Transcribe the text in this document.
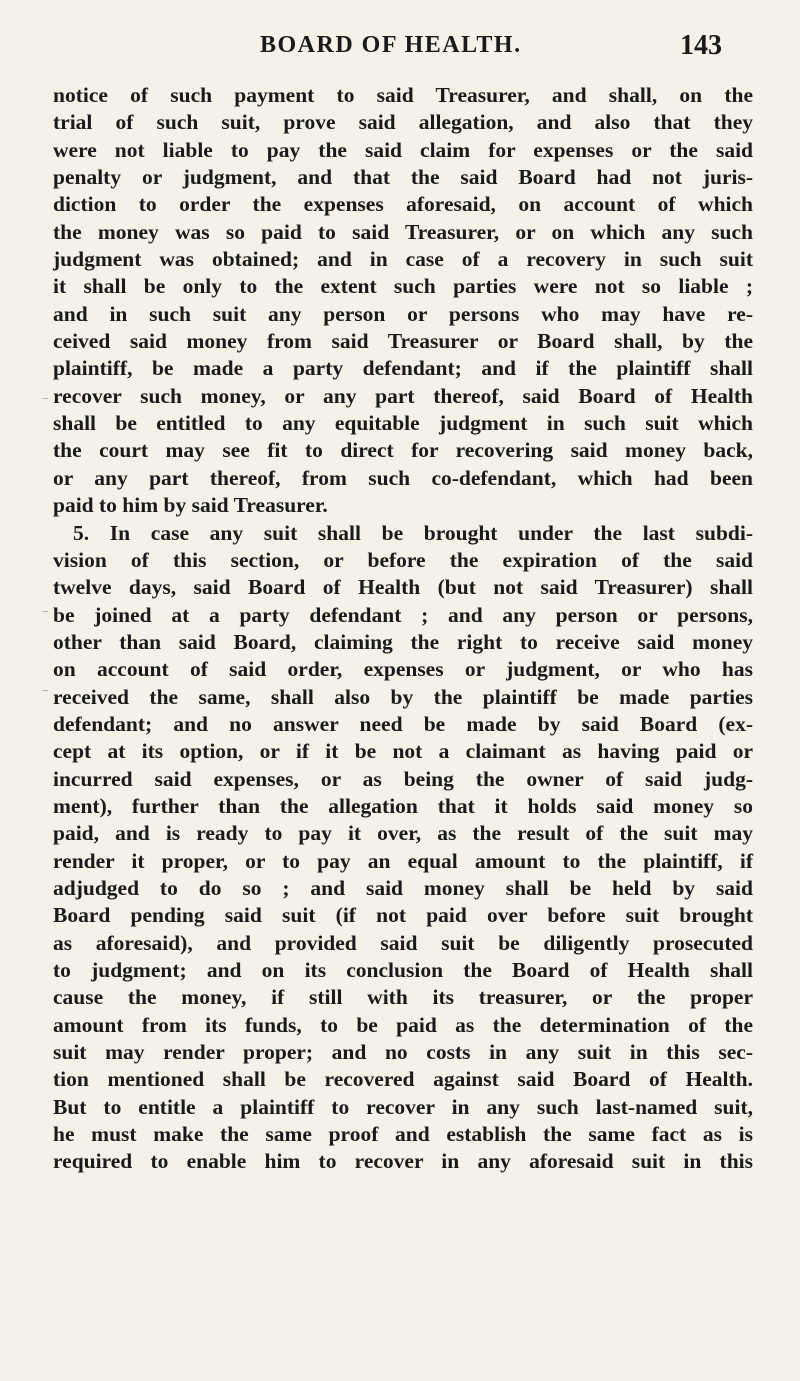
BOARD OF HEALTH.	143
notice of such payment to said Treasurer, and shall, on the
trial of such suit, prove said allegation, and also that they
were not liable to pay the said claim for expenses or the said
penalty or judgment, and that the said Board had not juris-
diction to order the expenses aforesaid, on account of which
the money was so paid to said Treasurer, or on which any such
judgment was obtained; and in case of a recovery in such suit
it shall be only to the extent such parties were not so liable ;
and in such suit any person or persons who may have re-
ceived said money from said Treasurer or Board shall, by the
plaintiff, be made a party defendant; and if the plaintiff shall
recover such money, or any part thereof, said Board of Health
shall be entitled to any equitable judgment in such suit which
the court may see fit to direct for recovering said money back,
or any part thereof, from such co-defendant, which had been
paid to him by said Treasurer.
5. In case any suit shall be brought under the last subdi-
vision of this section, or before the expiration of the said
twelve days, said Board of Health (but not said Treasurer) shall
be joined at a party defendant ; and any person or persons,
other than said Board, claiming the right to receive said money
on account of said order, expenses or judgment, or who has
received the same, shall also by the plaintiff be made parties
defendant; and no answer need be made by said Board (ex-
cept at its option, or if it be not a claimant as having paid or
incurred said expenses, or as being the owner of said judg-
ment), further than the allegation that it holds said money so
paid, and is ready to pay it over, as the result of the suit may
render it proper, or to pay an equal amount to the plaintiff, if
adjudged to do so ; and said money shall be held by said
Board pending said suit (if not paid over before suit brought
as aforesaid), and provided said suit be diligently prosecuted
to judgment; and on its conclusion the Board of Health shall
cause the money, if still with its treasurer, or the proper
amount from its funds, to be paid as the determination of the
suit may render proper; and no costs in any suit in this sec-
tion mentioned shall be recovered against said Board of Health.
But to entitle a plaintiff to recover in any such last-named suit,
he must make the same proof and establish the same fact as is
required to enable him to recover in any aforesaid suit in this
